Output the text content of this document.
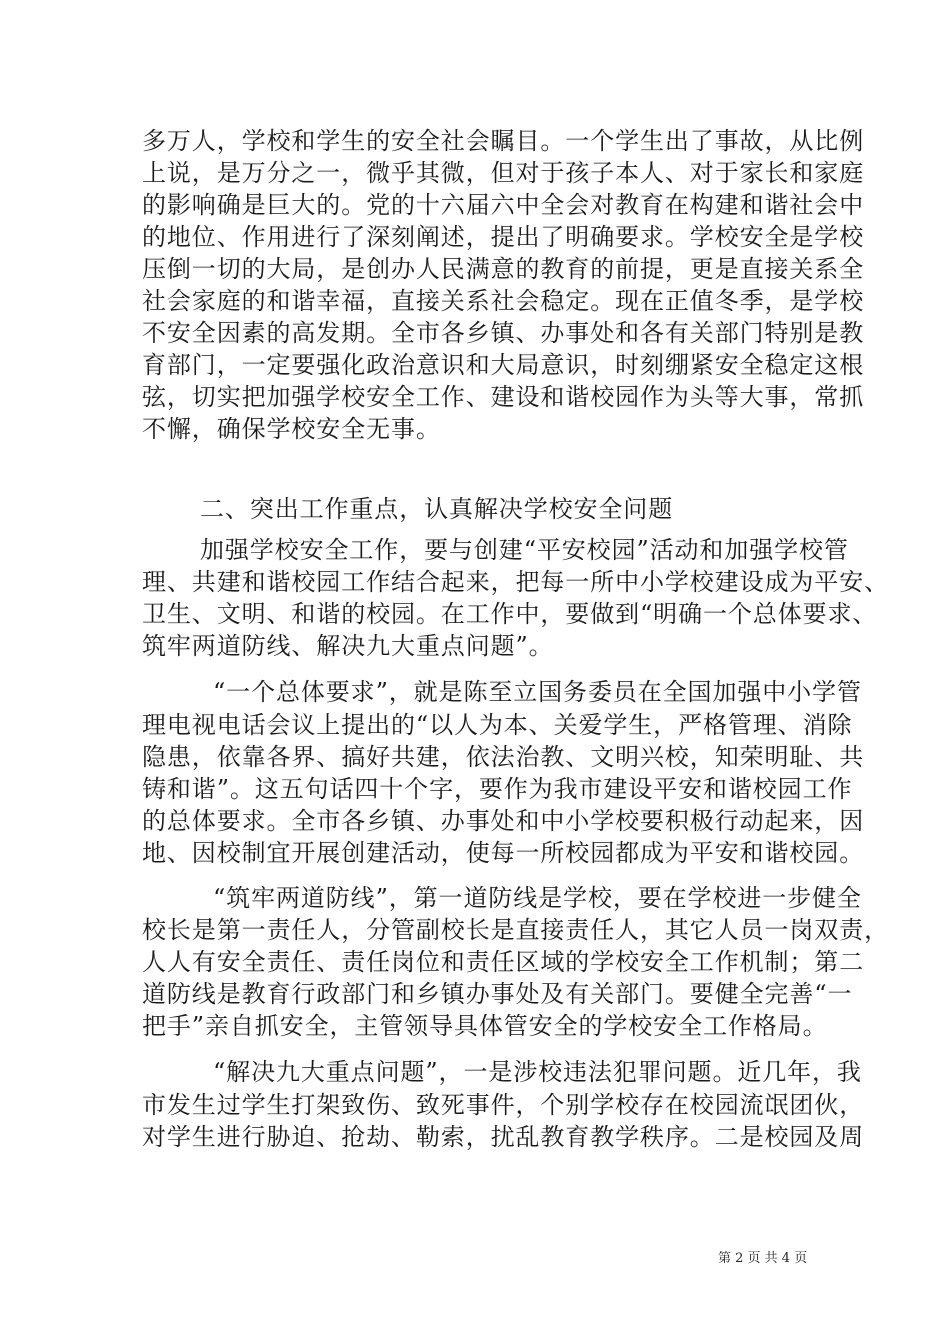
多万人，学校和学生的安全社会瞩目。一个学生出了事故，从比例
上说，是万分之一，微乎其微，但对于孩子本人、对于家长和家庭
的影响确是巨大的。党的十六届六中全会对教育在构建和谐社会中
的地位、作用进行了深刻阐述，提出了明确要求。学校安全是学校
压倒一切的大局，是创办人民满意的教育的前提，更是直接关系全
社会家庭的和谐幸福，直接关系社会稳定。现在正值冬季，是学校
不安全因素的高发期。全市各乡镇、办事处和各有关部门特别是教
育部门，一定要强化政治意识和大局意识，时刻绷紧安全稳定这根
弦，切实把加强学校安全工作、建设和谐校园作为头等大事，常抓
不懈，确保学校安全无事。
二、突出工作重点，认真解决学校安全问题
加强学校安全工作，要与创建“平安校园”活动和加强学校管
理、共建和谐校园工作结合起来，把每一所中小学校建设成为平安、
卫生、文明、和谐的校园。在工作中，要做到“明确一个总体要求、
筑牢两道防线、解决九大重点问题”。
“一个总体要求”，就是陈至立国务委员在全国加强中小学管
理电视电话会议上提出的“以人为本、关爱学生，严格管理、消除
隐患，依靠各界、搞好共建，依法治教、文明兴校，知荣明耻、共
铸和谐”。这五句话四十个字，要作为我市建设平安和谐校园工作
的总体要求。全市各乡镇、办事处和中小学校要积极行动起来，因
地、因校制宜开展创建活动，使每一所校园都成为平安和谐校园。
“筑牢两道防线”，第一道防线是学校，要在学校进一步健全
校长是第一责任人，分管副校长是直接责任人，其它人员一岗双责，
人人有安全责任、责任岗位和责任区域的学校安全工作机制；第二
道防线是教育行政部门和乡镇办事处及有关部门。要健全完善“一
把手”亲自抓安全，主管领导具体管安全的学校安全工作格局。
“解决九大重点问题”，一是涉校违法犯罪问题。近几年，我
市发生过学生打架致伤、致死事件，个别学校存在校园流氓团伙，
对学生进行胁迫、抢劫、勒索，扰乱教育教学秩序。二是校园及周
第 2 页 共 4 页
